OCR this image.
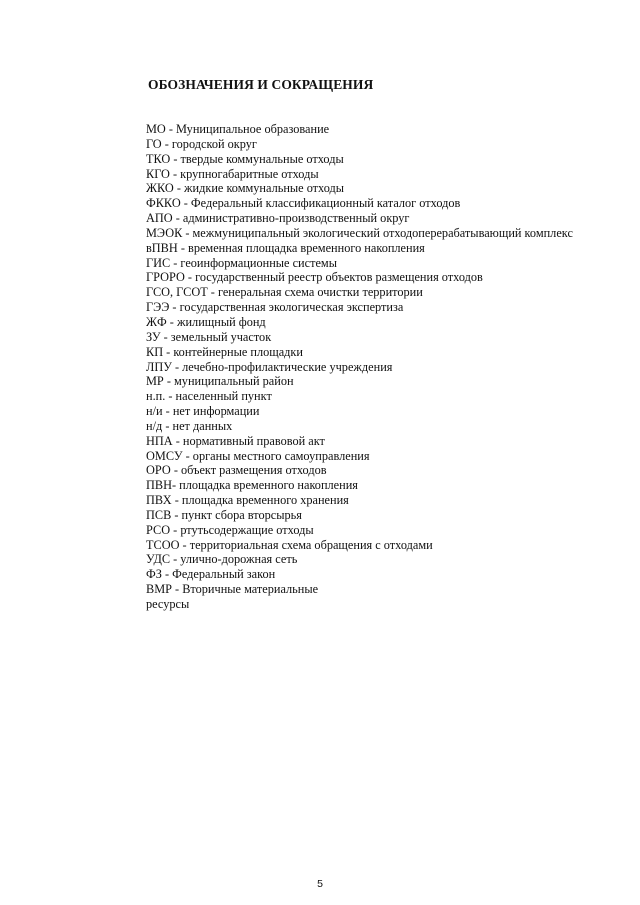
ОБОЗНАЧЕНИЯ И СОКРАЩЕНИЯ
МО - Муниципальное образование
ГО - городской округ
ТКО - твердые коммунальные отходы
КГО - крупногабаритные отходы
ЖКО - жидкие коммунальные отходы
ФККО - Федеральный классификационный каталог отходов
АПО - административно-производственный округ
МЭОК - межмуниципальный экологический отходоперерабатывающий комплекс
вПВН - временная площадка временного накопления
ГИС - геоинформационные системы
ГРОРО - государственный реестр объектов размещения отходов
ГСО, ГСОТ - генеральная схема очистки территории
ГЭЭ - государственная экологическая экспертиза
ЖФ - жилищный фонд
ЗУ - земельный участок
КП - контейнерные площадки
ЛПУ - лечебно-профилактические учреждения
МР - муниципальный район
н.п. - населенный пункт
н/и - нет информации
н/д - нет данных
НПА - нормативный правовой акт
ОМСУ - органы местного самоуправления
ОРО - объект размещения отходов
ПВН- площадка временного накопления
ПВХ - площадка временного хранения
ПСВ - пункт сбора вторсырья
РСО - ртутьсодержащие отходы
ТСОО - территориальная схема обращения с отходами
УДС - улично-дорожная сеть
ФЗ - Федеральный закон
ВМР - Вторичные материальные
ресурсы

5
